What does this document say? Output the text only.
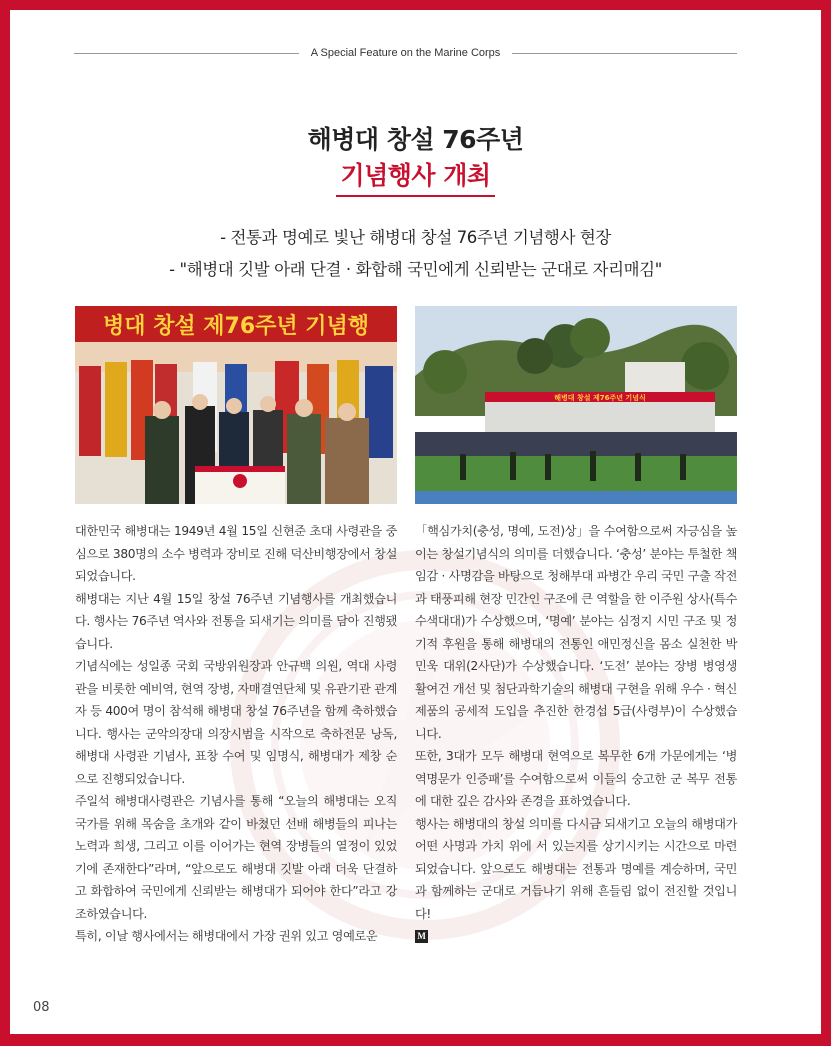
A Special Feature on the Marine Corps
해병대 창설 76주년
기념행사 개최
- 전통과 명예로 빛난 해병대 창설 76주년 기념행사 현장
- "해병대 깃발 아래 단결 · 화합해 국민에게 신뢰받는 군대로 자리매김"
병대 창설 제76주년 기념행
해병대 창설 제76주년 기념식

대한민국 해병대는 1949년 4월 15일 신현준 초대 사령관을 중심으로 380명의 소수 병력과 장비로 진해 덕산비행장에서 창설되었습니다.

해병대는 지난 4월 15일 창설 76주년 기념행사를 개최했습니다. 행사는 76주년 역사와 전통을 되새기는 의미를 담아 진행됐습니다.

기념식에는 성일종 국회 국방위원장과 안규백 의원, 역대 사령관을 비롯한 예비역, 현역 장병, 자매결연단체 및 유관기관 관계자 등 400여 명이 참석해 해병대 창설 76주년을 함께 축하했습니다. 행사는 군악의장대 의장시범을 시작으로 축하전문 낭독, 해병대 사령관 기념사, 표창 수여 및 임명식, 해병대가 제창 순으로 진행되었습니다.

주일석 해병대사령관은 기념사를 통해 “오늘의 해병대는 오직 국가를 위해 목숨을 초개와 같이 바쳤던 선배 해병들의 피나는 노력과 희생, 그리고 이를 이어가는 현역 장병들의 열정이 있었기에 존재한다”라며, “앞으로도 해병대 깃발 아래 더욱 단결하고 화합하여 국민에게 신뢰받는 해병대가 되어야 한다”라고 강조하였습니다.

특히, 이날 행사에서는 해병대에서 가장 권위 있고 영예로운

「핵심가치(충성, 명예, 도전)상」을 수여함으로써 자긍심을 높이는 창설기념식의 의미를 더했습니다. ‘충성’ 분야는 투철한 책임감 · 사명감을 바탕으로 청해부대 파병간 우리 국민 구출 작전과 태풍피해 현장 민간인 구조에 큰 역할을 한 이주원 상사(특수수색대대)가 수상했으며, ‘명예’ 분야는 심정지 시민 구조 및 정기적 후원을 통해 해병대의 전통인 애민정신을 몸소 실천한 박민욱 대위(2사단)가 수상했습니다. ‘도전’ 분야는 장병 병영생활여건 개선 및 첨단과학기술의 해병대 구현을 위해 우수 · 혁신제품의 공세적 도입을 추진한 한경섭 5급(사령부)이 수상했습니다.

또한, 3대가 모두 해병대 현역으로 복무한 6개 가문에게는 ‘병역명문가 인증패’를 수여함으로써 이들의 숭고한 군 복무 전통에 대한 깊은 감사와 존경을 표하였습니다.

행사는 해병대의 창설 의미를 다시금 되새기고 오늘의 해병대가 어떤 사명과 가치 위에 서 있는지를 상기시키는 시간으로 마련되었습니다. 앞으로도 해병대는 전통과 명예를 계승하며, 국민과 함께하는 군대로 거듭나기 위해 흔들림 없이 전진할 것입니다!

M

08
